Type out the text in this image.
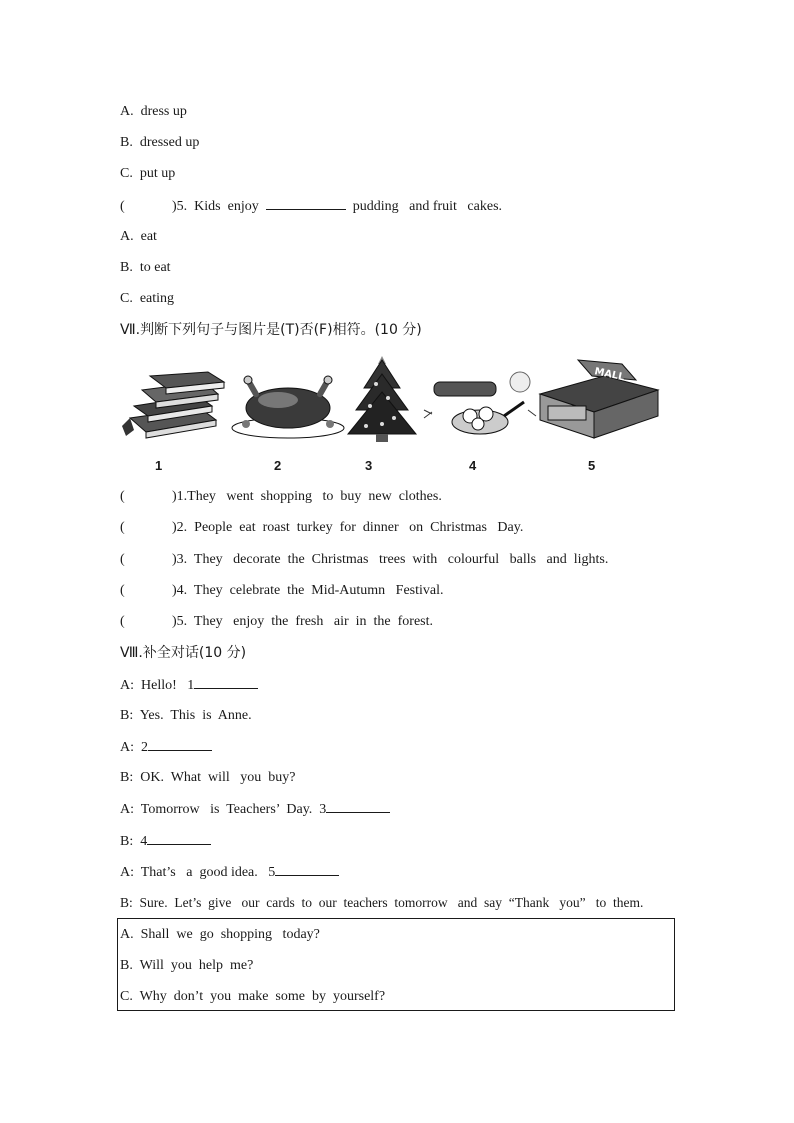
A.  dress up
B.  dressed up
C.  put up
(	)5.  Kids  enjoy	pudding   and fruit   cakes.
A.  eat
B.  to eat
C.  eating
Ⅶ.判断下列句子与图片是(T)否(F)相符。(10 分)
MALL
1	2	3	4	5
(	)1.They   went  shopping   to  buy  new  clothes.
(	)2.  People  eat  roast  turkey  for  dinner   on  Christmas   Day.
(	)3.  They   decorate  the  Christmas   trees  with   colourful   balls   and  lights.
(	)4.  They  celebrate  the  Mid-Autumn   Festival.
(	)5.  They   enjoy  the  fresh   air  in  the  forest.
Ⅷ.补全对话(10 分)
A:  Hello!   1
B:  Yes.  This  is  Anne.
A:  2
B:  OK.  What  will   you  buy?
A:  Tomorrow   is  Teachers’  Day.  3
B:  4
A:  That’s   a  good idea.   5
B:  Sure.  Let’s  give   our  cards  to  our  teachers  tomorrow   and  say  “Thank   you”   to  them.
A.  Shall  we  go  shopping   today?
B.  Will  you  help  me?
C.  Why  don’t  you  make  some  by  yourself?
